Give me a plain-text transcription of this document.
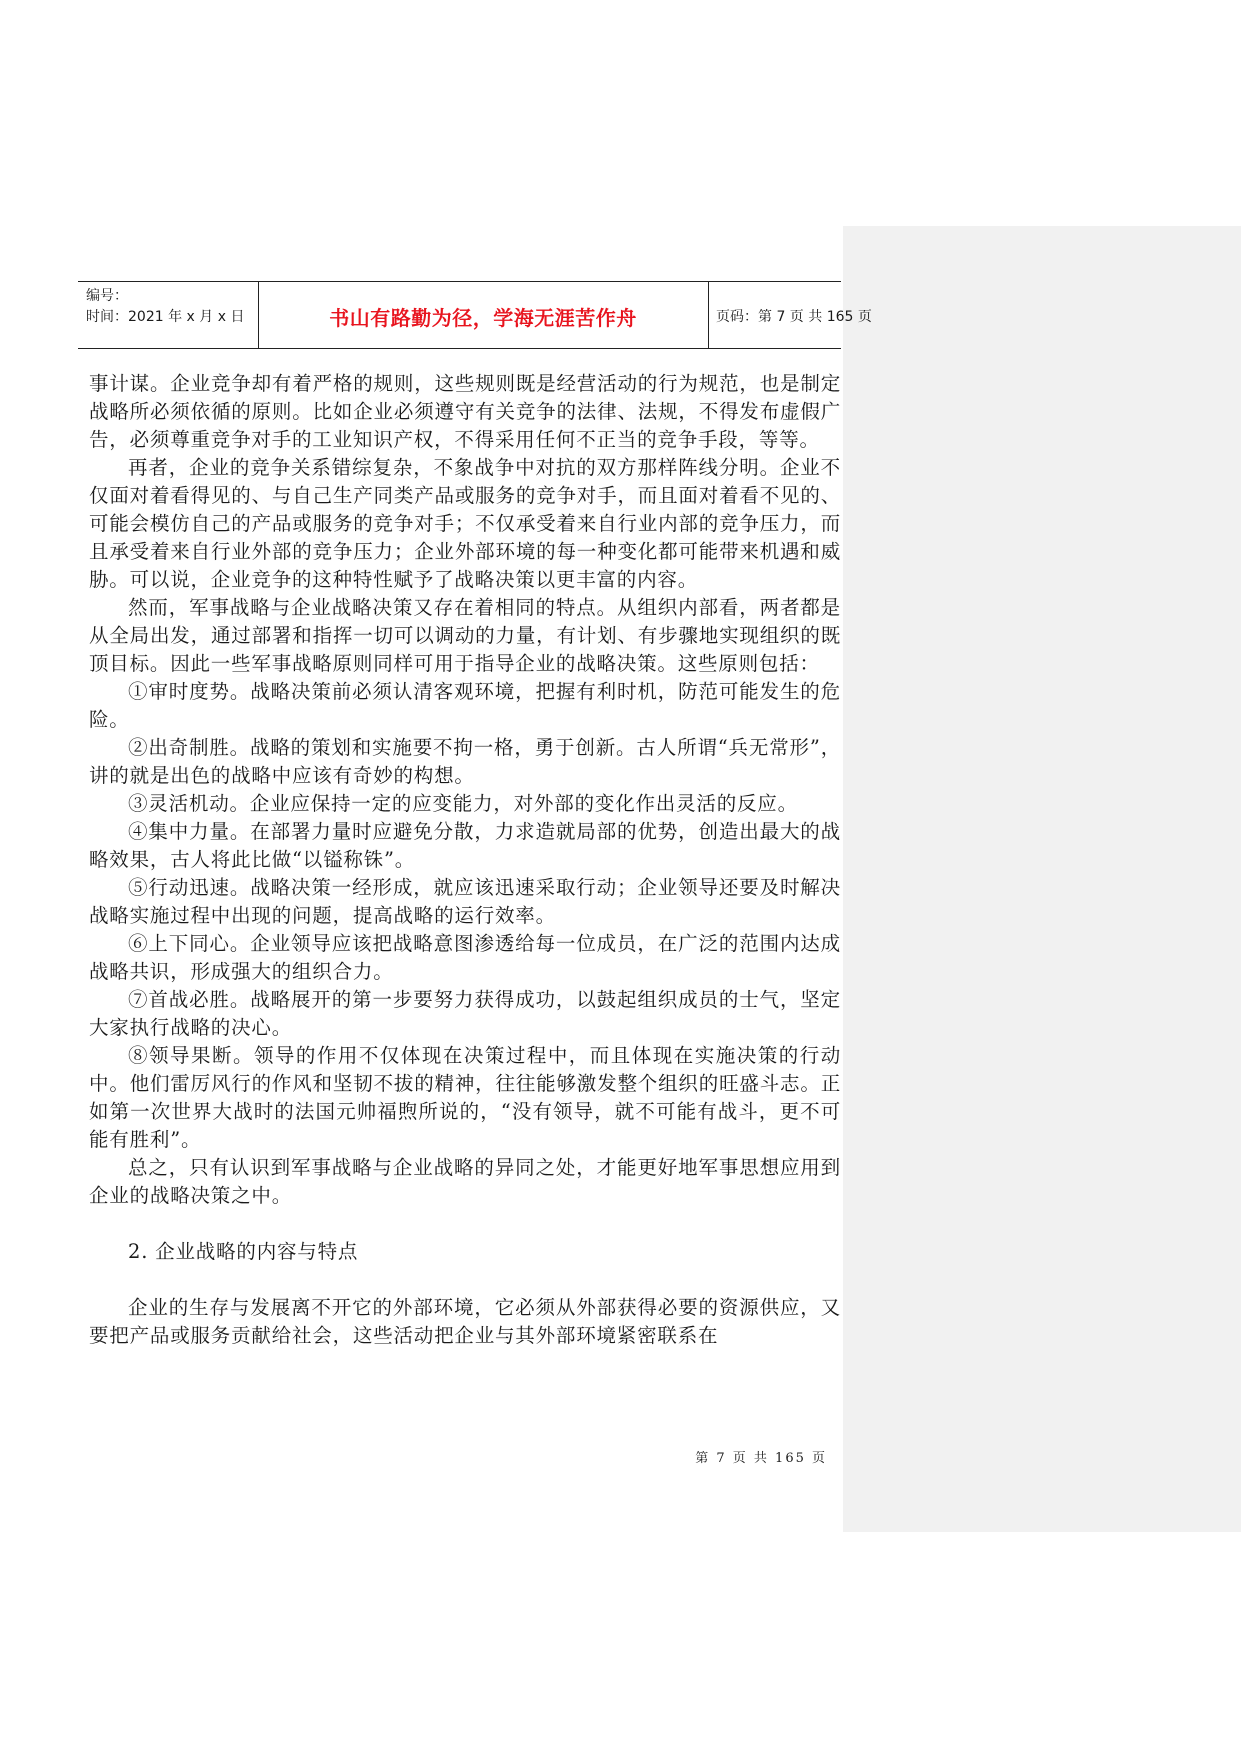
编号：
时间：2021 年 x 月 x 日	书山有路勤为径，学海无涯苦作舟	页码：第 7 页 共 165 页

事计谋。企业竞争却有着严格的规则，这些规则既是经营活动的行为规范，也是制定战略所必须依循的原则。比如企业必须遵守有关竞争的法律、法规，不得发布虚假广告，必须尊重竞争对手的工业知识产权，不得采用任何不正当的竞争手段，等等。

再者，企业的竞争关系错综复杂，不象战争中对抗的双方那样阵线分明。企业不仅面对着看得见的、与自己生产同类产品或服务的竞争对手，而且面对着看不见的、可能会模仿自己的产品或服务的竞争对手；不仅承受着来自行业内部的竞争压力，而且承受着来自行业外部的竞争压力；企业外部环境的每一种变化都可能带来机遇和威胁。可以说，企业竞争的这种特性赋予了战略决策以更丰富的内容。

然而，军事战略与企业战略决策又存在着相同的特点。从组织内部看，两者都是从全局出发，通过部署和指挥一切可以调动的力量，有计划、有步骤地实现组织的既顶目标。因此一些军事战略原则同样可用于指导企业的战略决策。这些原则包括：

①审时度势。战略决策前必须认清客观环境，把握有利时机，防范可能发生的危险。

②出奇制胜。战略的策划和实施要不拘一格，勇于创新。古人所谓“兵无常形”，讲的就是出色的战略中应该有奇妙的构想。

③灵活机动。企业应保持一定的应变能力，对外部的变化作出灵活的反应。

④集中力量。在部署力量时应避免分散，力求造就局部的优势，创造出最大的战略效果，古人将此比做“以镒称铢”。

⑤行动迅速。战略决策一经形成，就应该迅速采取行动；企业领导还要及时解决战略实施过程中出现的问题，提高战略的运行效率。

⑥上下同心。企业领导应该把战略意图渗透给每一位成员，在广泛的范围内达成战略共识，形成强大的组织合力。

⑦首战必胜。战略展开的第一步要努力获得成功，以鼓起组织成员的士气，坚定大家执行战略的决心。

⑧领导果断。领导的作用不仅体现在决策过程中，而且体现在实施决策的行动中。他们雷厉风行的作风和坚韧不拔的精神，往往能够激发整个组织的旺盛斗志。正如第一次世界大战时的法国元帅福煦所说的，“没有领导，就不可能有战斗，更不可能有胜利”。

总之，只有认识到军事战略与企业战略的异同之处，才能更好地军事思想应用到企业的战略决策之中。

2. 企业战略的内容与特点

企业的生存与发展离不开它的外部环境，它必须从外部获得必要的资源供应，又要把产品或服务贡献给社会，这些活动把企业与其外部环境紧密联系在

第 7 页 共 165 页
